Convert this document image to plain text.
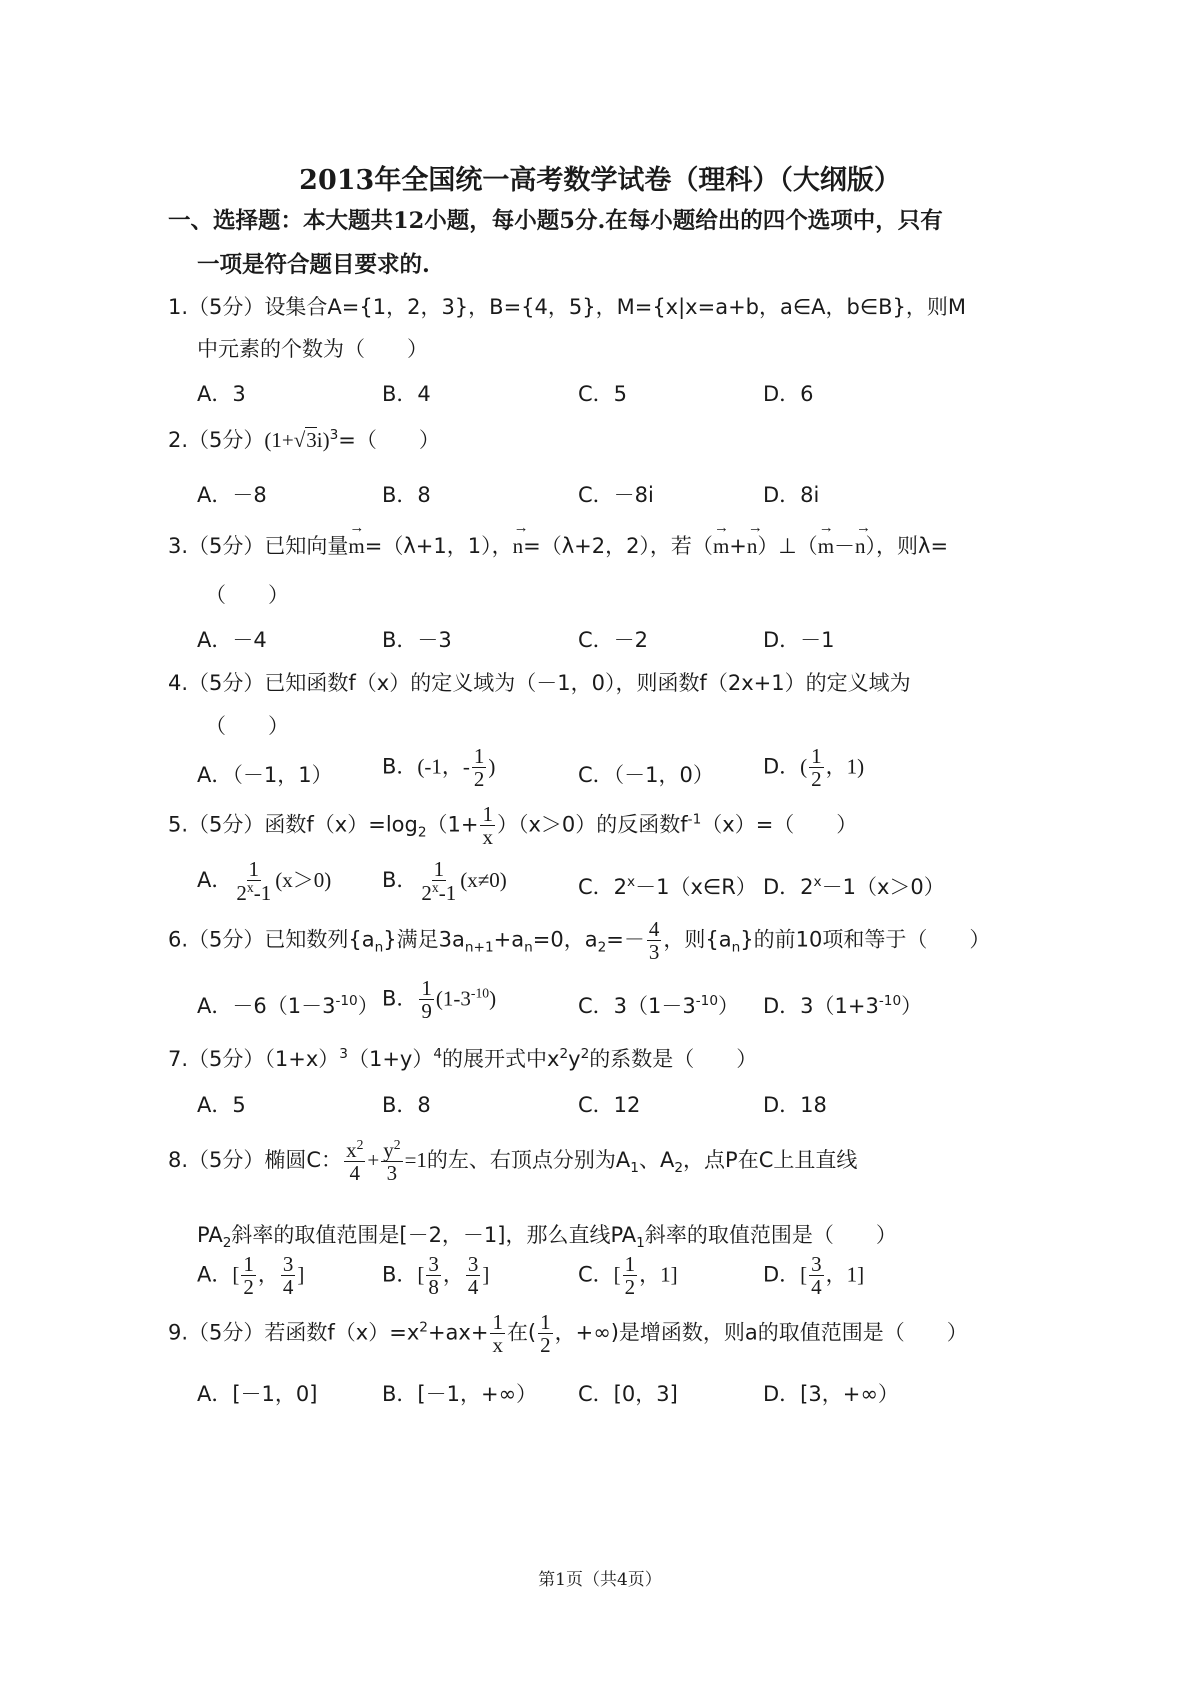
2013年全国统一高考数学试卷（理科）（大纲版）
一、选择题：本大题共12小题，每小题5分.在每小题给出的四个选项中，只有
一项是符合题目要求的.
1.（5分）设集合A={1，2，3}，B={4，5}，M={x|x=a+b，a∈A，b∈B}，则M
中元素的个数为（　　）
A．3	B．4	C．5	D．6
2.（5分）$(1+√3i)^3=$（　　）
A．－8	B．8	C．－8i	D．8i
3.（5分）已知向量→ m=（λ+1，1），→ n=（λ+2，2），若（→ m+→ n）⊥（→ m－→ n），则λ=
（　　）
A．－4	B．－3	C．－2	D．－1
4.（5分）已知函数f（x）的定义域为（－1，0），则函数f（2x+1）的定义域为
（　　）
A．（－1，1） B．(-1，- $\frac{1}{2}$ )	C．（－1，0） D．( $\frac{1}{2}$ ，1)
5.（5分）函数$f(x)=\log_2(1+ \frac{1}{x} )(x>0)$的反函数$f^{-1}(x)=$（　　）
A． $\frac{1}{2^x-1} (x>0)$ B． $\frac{1}{2^x-1} (x\ne 0)$	C．$2^x-1(x\in R)$ D．$2^x-1(x>0)$
6.（5分）已知数列$\{a_n\}$满足$3a_{n+1}+a_n=0$，$a_2=- \frac{4}{3}$ ，则$\{a_n\}$的前10项和等于（　　）
A．$-6(1-3^{-10})$ B． $\frac{1}{9} (1-3^{-10})$	C．$3(1-3^{-10})$ D．$3(1+3^{-10})$
7.（5分）$(1+x)^3(1+y)^4$的展开式中$x^2y^2$的系数是（　　）
A．5	B．8	C．12	D．18
8.（5分）椭圆C： $\frac{x^2}{4} + \frac{y^2}{3} =1$的左、右顶点分别为$A_1$、$A_2$，点P在C上且直线
$PA_2$斜率的取值范围是[－2，－1]，那么直线$PA_1$斜率的取值范围是（　　）
A．[ $\frac{1}{2}$ ， $\frac{3}{4}$ ]	B．[ $\frac{3}{8}$ ， $\frac{3}{4}$ ]	C．[ $\frac{1}{2}$ ，1]	D．[ $\frac{3}{4}$ ，1]
9.（5分）若函数$f(x)=x^2+ax+ \frac{1}{x}$ 在( $\frac{1}{2}$ ，+∞)是增函数，则a的取值范围是（　　）
A．[－1，0]	B．[－1，+∞） C．[0，3]	D．[3，+∞）
第1页（共4页）
